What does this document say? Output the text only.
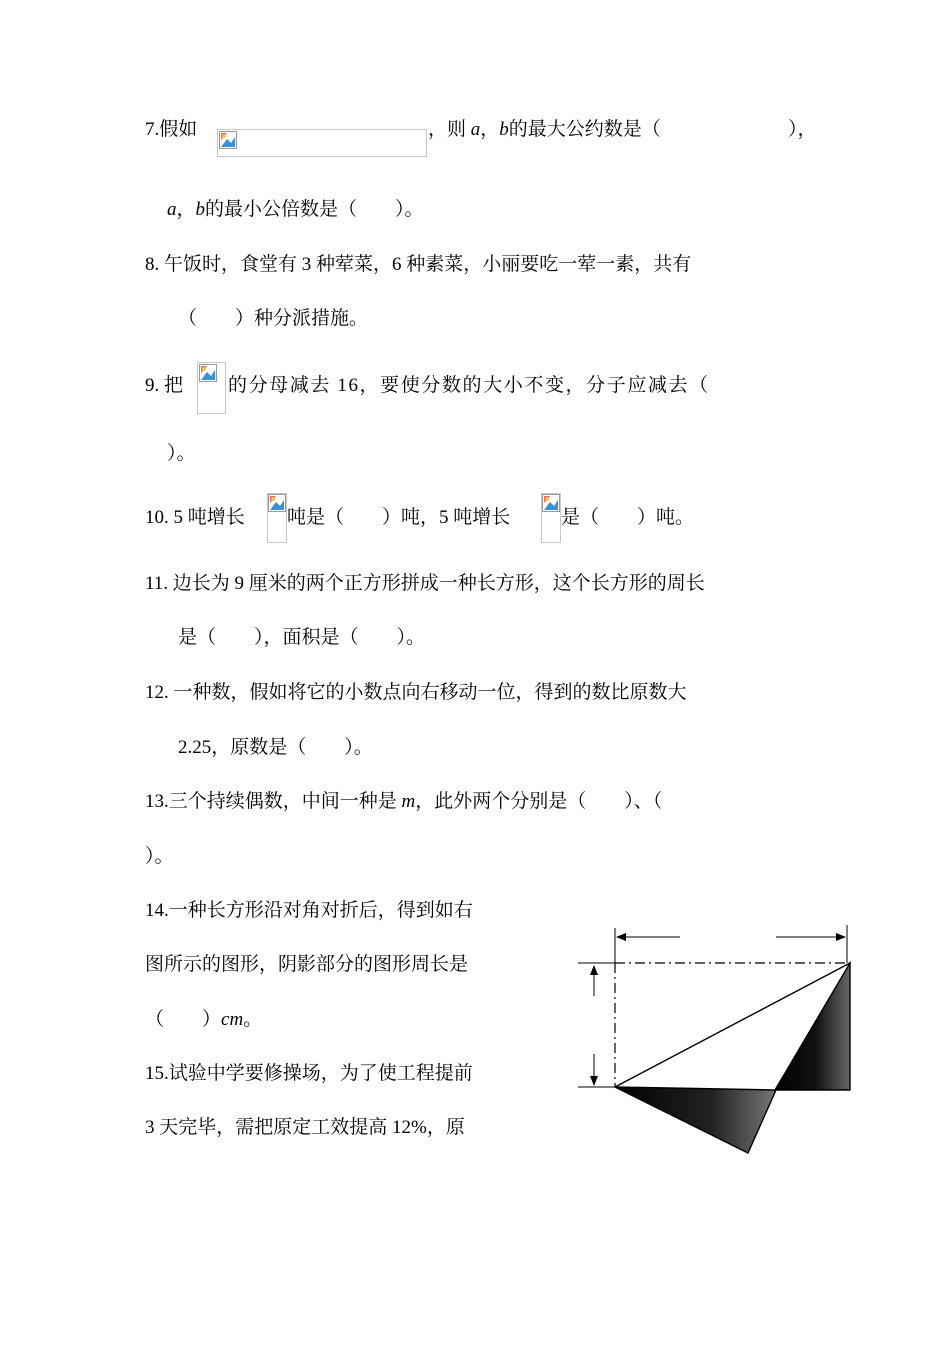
7.假如	，则 a，b的最大公约数是（	），
a，b的最小公倍数是（　　）。
8. 午饭时，食堂有 3 种荤菜，6 种素菜，小丽要吃一荤一素，共有
（　　）种分派措施。
9. 把 的分母减去 16，要使分数的大小不变，分子应减去（
）。
10. 5 吨增长 吨是（　　）吨，5 吨增长	是（　　）吨。
11. 边长为 9 厘米的两个正方形拼成一种长方形，这个长方形的周长
是（　　），面积是（　　）。
12. 一种数，假如将它的小数点向右移动一位，得到的数比原数大
2.25，原数是（　　）。
13.三个持续偶数，中间一种是 m，此外两个分别是（　　）、（
）。
14.一种长方形沿对角对折后，得到如右
图所示的图形，阴影部分的图形周长是
（　　）cm。
15.试验中学要修操场，为了使工程提前
3 天完毕，需把原定工效提高 12%，原
